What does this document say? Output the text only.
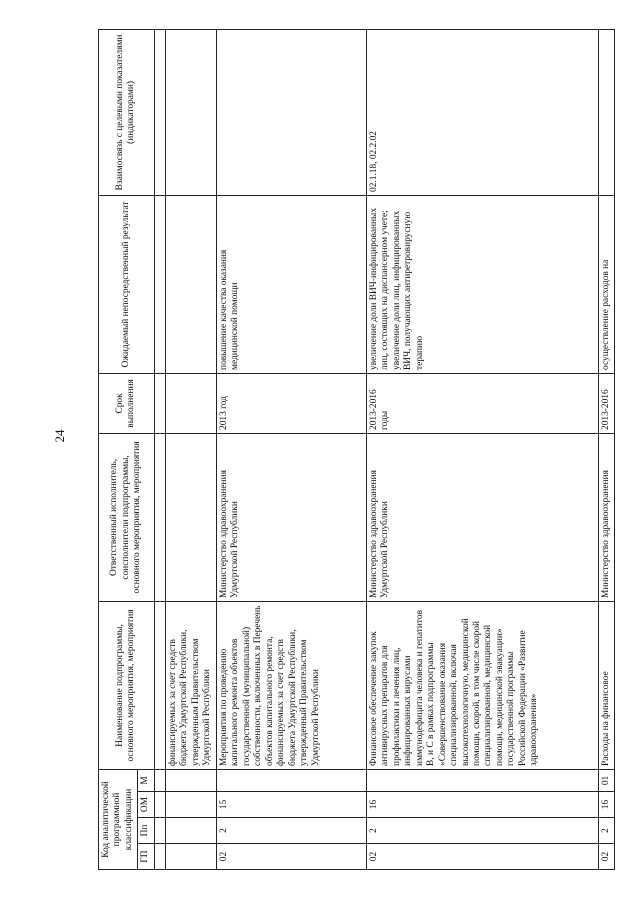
24
Код аналитической программной классификации				Наименование подпрограммы, основного мероприятия, мероприятия	Ответственный исполнитель, соисполнители подпрограммы, основного мероприятия, мероприятия	Срок выполнения	Ожидаемый непосредственный результат	Взаимосвязь с целевыми показателями (индикаторами)
ГП	Пп	ОМ	М					

				финансируемых за счет средств бюджета Удмуртской Республики, утвержденным Правительством Удмуртской Республики				
02	2	15		Мероприятия по проведению капитального ремонта объектов государственной (муниципальной) собственности, включенных в Перечень объектов капитального ремонта, финансируемых за счет средств бюджета Удмуртской Республики, утвержденный Правительством Удмуртской Республики	Министерство здравоохранения Удмуртской Республики	2013 год	повышение качества оказания медицинской помощи	
02	2	16		Финансовое обеспечение закупок антивирусных препаратов для профилактики и лечения лиц, инфицированных вирусами иммунодефицита человека и гепатитов В, и С в рамках подпрограммы «Совершенствование оказания специализированной, включая высокотехнологичную, медицинской помощи, скорой, в том числе скорой специализированной, медицинской помощи, медицинской эвакуации» государственной программы Российской Федерации «Развитие здравоохранения»	Министерство здравоохранения Удмуртской Республики	2013-2016 годы	увеличение доли ВИЧ-инфицированных лиц, состоящих на диспансерном учете; увеличение доли лиц, инфицированных ВИЧ, получающих антиретровирусную терапию	02.1.18, 02.2.02
02	2	16	01	Расходы на финансовое	Министерство здравоохранения	2013-2016	осуществление расходов на	
